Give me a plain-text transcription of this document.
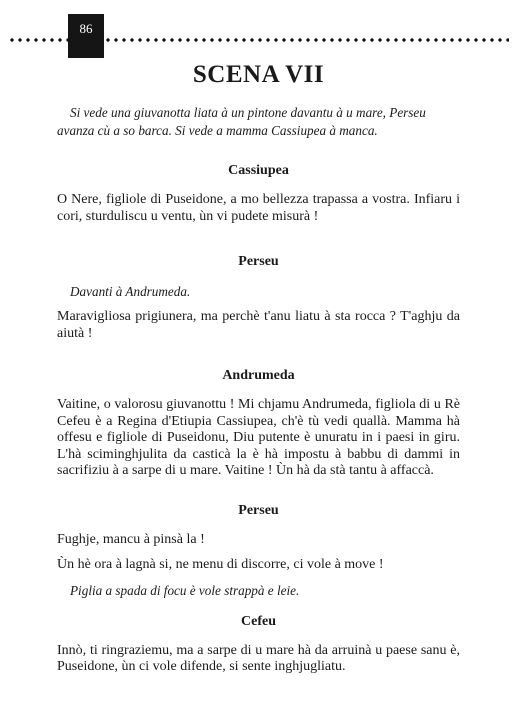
86
SCENA VII

Si vede una giuvanotta liata à un pintone davantu à u mare, Perseu avanza cù a so barca. Si vede a mamma Cassiupea à manca.

Cassiupea

O Nere, figliole di Puseidone, a mo bellezza trapassa a vostra. Infiaru i cori, sturduliscu u ventu, ùn vi pudete misurà !

Perseu

Davanti à Andrumeda.

Maravigliosa prigiunera, ma perchè t'anu liatu à sta rocca ? T'aghju da aiutà !

Andrumeda

Vaitine, o valorosu giuvanottu ! Mi chjamu Andrumeda, figliola di u Rè Cefeu è a Regina d'Etiupia Cassiupea, ch'è tù vedi quallà. Mamma hà offesu e figliole di Puseidonu, Diu putente è unuratu in i paesi in giru. L'hà sciminghjulita da casticà la è hà impostu à babbu di dammi in sacrifiziu à a sarpe di u mare. Vaitine ! Ùn hà da stà tantu à affaccà.

Perseu

Fughje, mancu à pinsà la !

Ùn hè ora à lagnà si, ne menu di discorre, ci vole à move !

Piglia a spada di focu è vole strappà e leie.

Cefeu

Innò, ti ringraziemu, ma a sarpe di u mare hà da arruinà u paese sanu è, Puseidone, ùn ci vole difende, si sente inghjugliatu.
